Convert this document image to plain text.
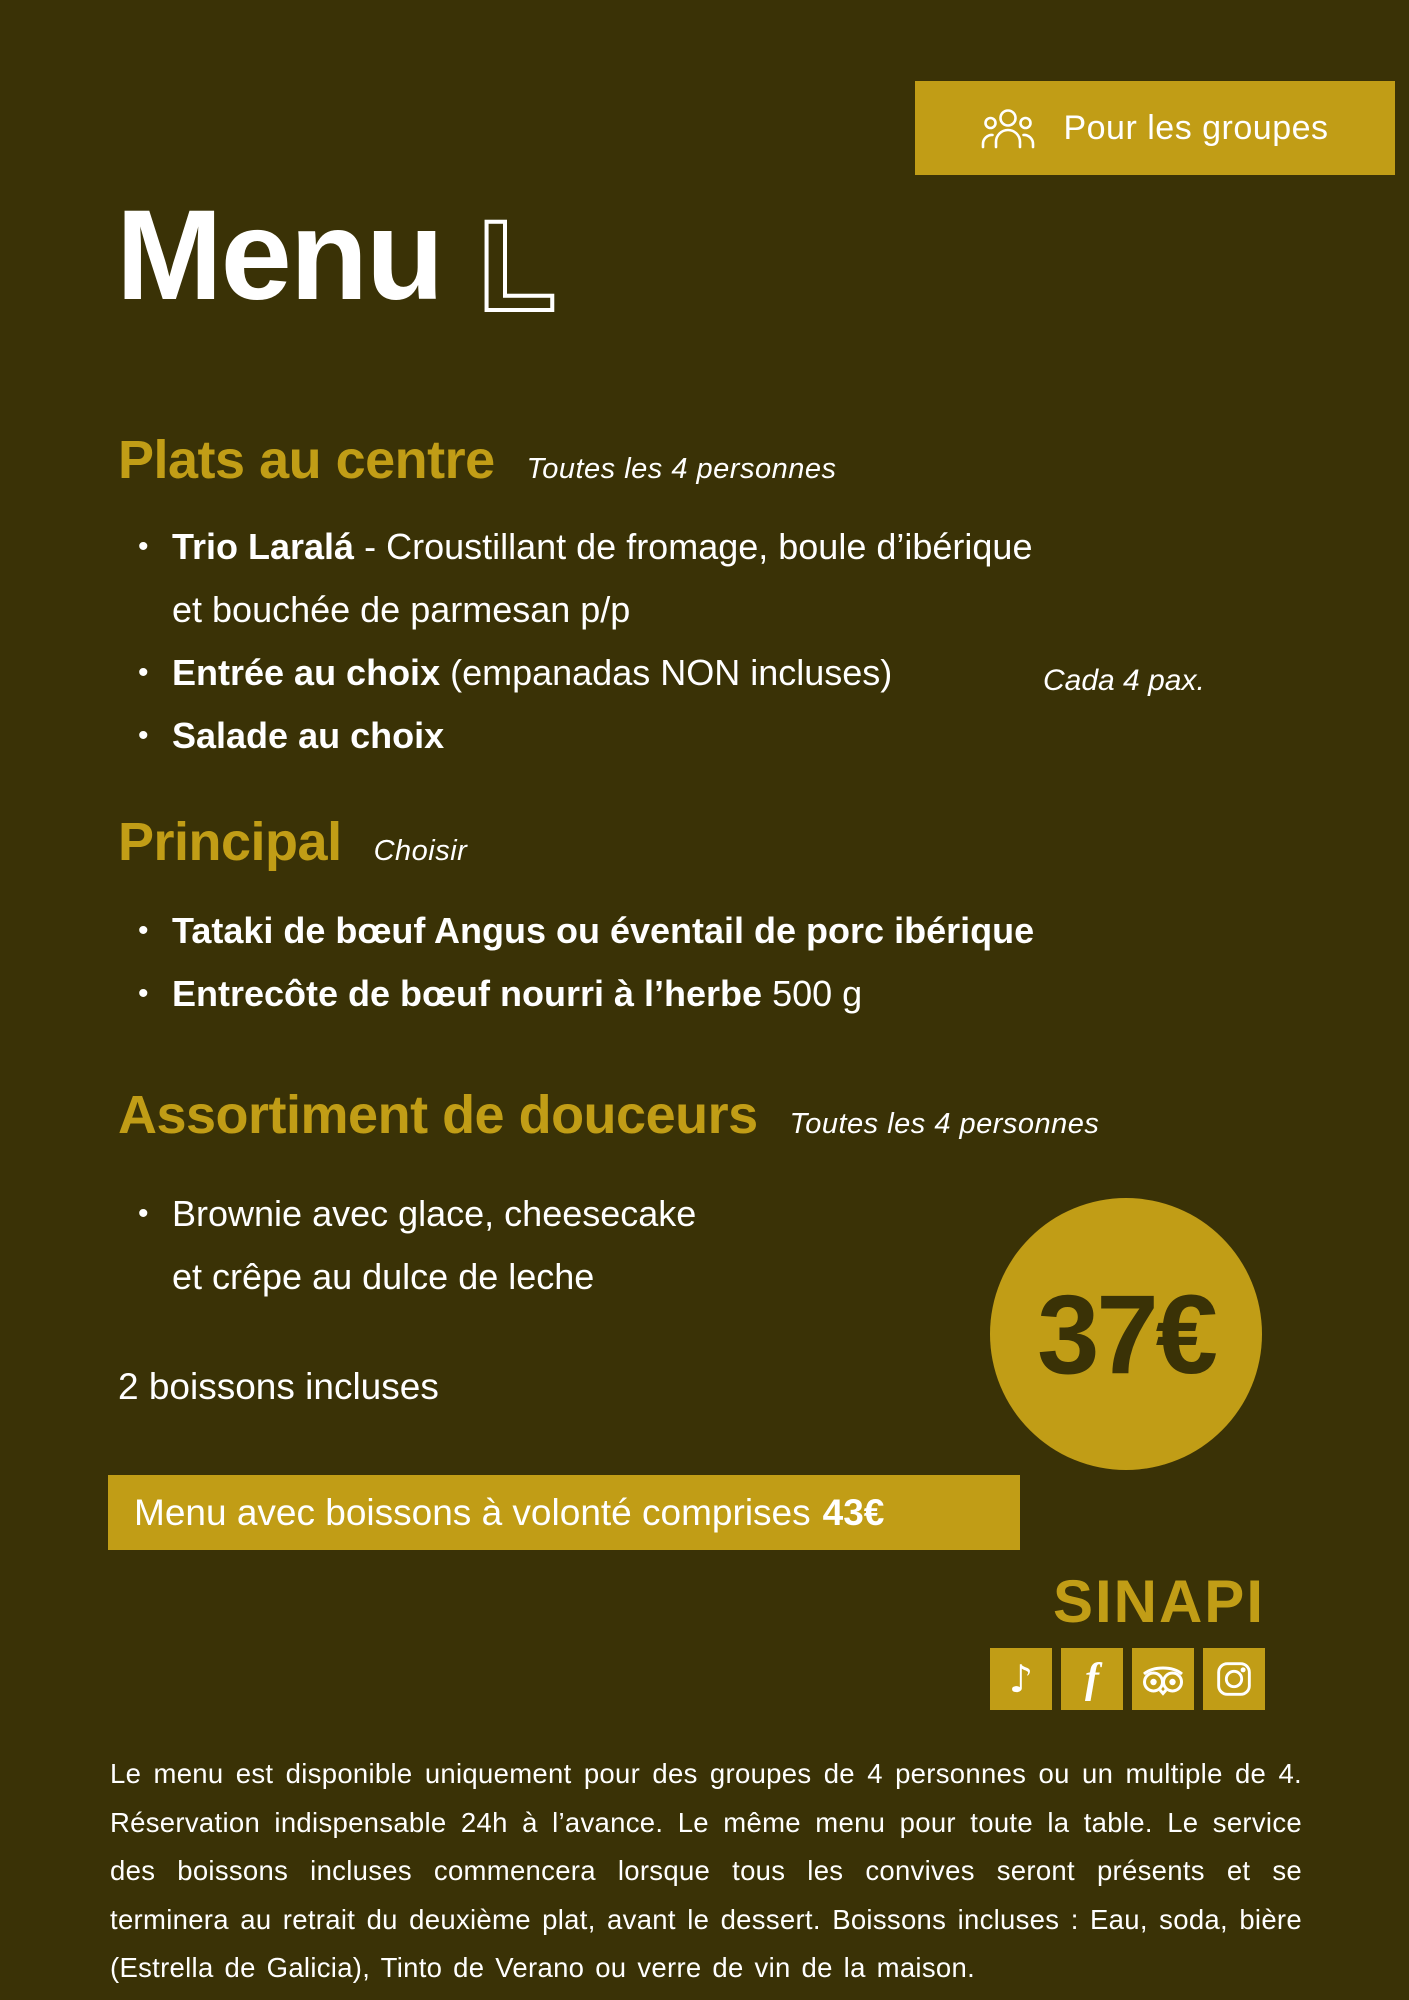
Pour les groupes
Menu L
Plats au centre Toutes les 4 personnes
• Trio Laralá - Croustillant de fromage, boule d’ibérique
et bouchée de parmesan p/p
• Entrée au choix (empanadas NON incluses)
• Salade au choix
Cada 4 pax.
Principal Choisir
• Tataki de bœuf Angus ou éventail de porc ibérique
• Entrecôte de bœuf nourri à l’herbe 500 g
Assortiment de douceurs Toutes les 4 personnes
• Brownie avec glace, cheesecake
et crêpe au dulce de leche
2 boissons incluses	37€
Menu avec boissons à volonté comprises 43€

SINAPI

♪ f

Le menu est disponible uniquement pour des groupes de 4 personnes ou un multiple de 4. Réservation indispensable 24h à l’avance. Le même menu pour toute la table. Le service des boissons incluses commencera lorsque tous les convives seront présents et se terminera au retrait du deuxième plat, avant le dessert. Boissons incluses : Eau, soda, bière (Estrella de Galicia), Tinto de Verano ou verre de vin de la maison.
